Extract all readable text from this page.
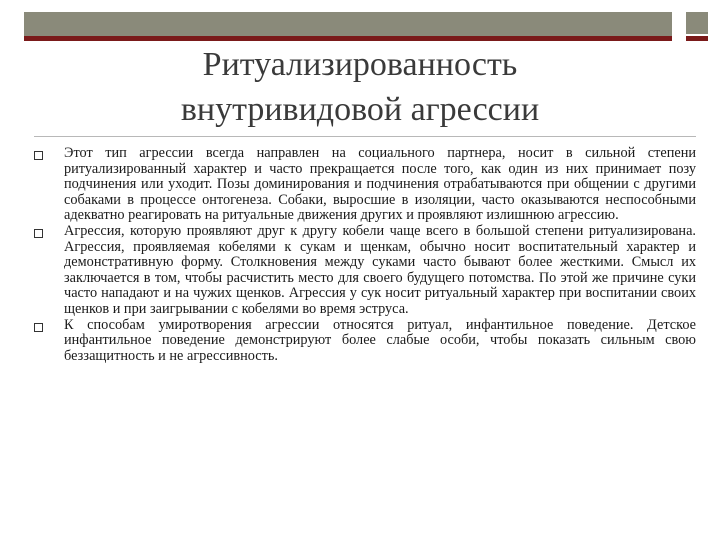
Ритуализированность
внутривидовой агрессии
Этот тип агрессии всегда направлен на социального партнера, носит в сильной степени ритуализированный характер и часто прекращается после того, как один из них принимает позу подчинения или уходит. Позы доминирования и подчинения отрабатываются при общении с другими собаками в процессе онтогенеза. Собаки, выросшие в изоляции, часто оказываются неспособными адекватно реагировать на ритуальные движения других и проявляют излишнюю агрессию.
Агрессия, которую проявляют друг к другу кобели чаще всего в большой степени ритуализирована. Агрессия, проявляемая кобелями к сукам и щенкам, обычно носит воспитательный характер и демонстративную форму. Столкновения между суками часто бывают более жесткими. Смысл их заключается в том, чтобы расчистить место для своего будущего потомства. По этой же причине суки часто нападают и на чужих щенков. Агрессия у сук носит ритуальный характер при воспитании своих щенков и при заигрывании с кобелями во время эструса.
К способам умиротворения агрессии относятся ритуал, инфантильное поведение. Детское инфантильное поведение демонстрируют более слабые особи, чтобы показать сильным свою беззащитность и не агрессивность.
